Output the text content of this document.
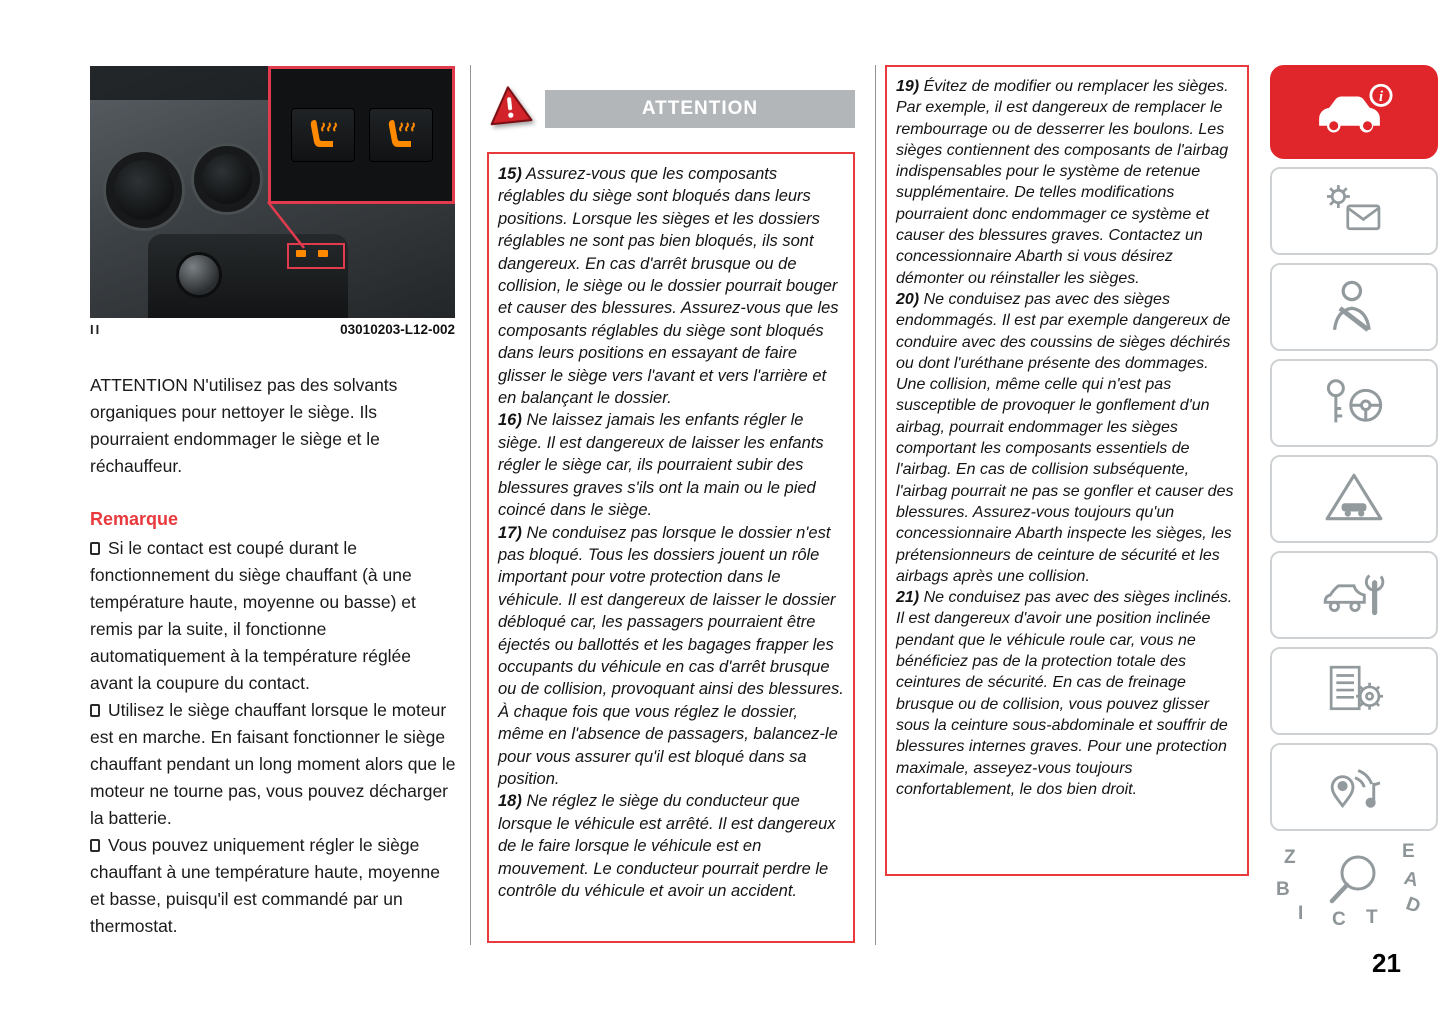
II	03010203-L12-002

ATTENTION N'utilisez pas des solvants organiques pour nettoyer le siège. Ils pourraient endommager le siège et le réchauffeur.

Remarque

Si le contact est coupé durant le fonctionnement du siège chauffant (à une température haute, moyenne ou basse) et remis par la suite, il fonctionne automatiquement à la température réglée avant la coupure du contact.

Utilisez le siège chauffant lorsque le moteur est en marche. En faisant fonctionner le siège chauffant pendant un long moment alors que le moteur ne tourne pas, vous pouvez décharger la batterie.

Vous pouvez uniquement régler le siège chauffant à une température haute, moyenne et basse, puisqu'il est commandé par un thermostat.

ATTENTION

15) Assurez-vous que les composants réglables du siège sont bloqués dans leurs positions. Lorsque les sièges et les dossiers réglables ne sont pas bien bloqués, ils sont dangereux. En cas d'arrêt brusque ou de collision, le siège ou le dossier pourrait bouger et causer des blessures. Assurez-vous que les composants réglables du siège sont bloqués dans leurs positions en essayant de faire glisser le siège vers l'avant et vers l'arrière et en balançant le dossier.

16) Ne laissez jamais les enfants régler le siège. Il est dangereux de laisser les enfants régler le siège car, ils pourraient subir des blessures graves s'ils ont la main ou le pied coincé dans le siège.

17) Ne conduisez pas lorsque le dossier n'est pas bloqué. Tous les dossiers jouent un rôle important pour votre protection dans le véhicule. Il est dangereux de laisser le dossier débloqué car, les passagers pourraient être éjectés ou ballottés et les bagages frapper les occupants du véhicule en cas d'arrêt brusque ou de collision, provoquant ainsi des blessures. À chaque fois que vous réglez le dossier, même en l'absence de passagers, balancez-le pour vous assurer qu'il est bloqué dans sa position.

18) Ne réglez le siège du conducteur que lorsque le véhicule est arrêté. Il est dangereux de le faire lorsque le véhicule est en mouvement. Le conducteur pourrait perdre le contrôle du véhicule et avoir un accident.

19) Évitez de modifier ou remplacer les sièges. Par exemple, il est dangereux de remplacer le rembourrage ou de desserrer les boulons. Les sièges contiennent des composants de l'airbag indispensables pour le système de retenue supplémentaire. De telles modifications pourraient donc endommager ce système et causer des blessures graves. Contactez un concessionnaire Abarth si vous désirez démonter ou réinstaller les sièges.

20) Ne conduisez pas avec des sièges endommagés. Il est par exemple dangereux de conduire avec des coussins de sièges déchirés ou dont l'uréthane présente des dommages. Une collision, même celle qui n'est pas susceptible de provoquer le gonflement d'un airbag, pourrait endommager les sièges comportant les composants essentiels de l'airbag. En cas de collision subséquente, l'airbag pourrait ne pas se gonfler et causer des blessures. Assurez-vous toujours qu'un concessionnaire Abarth inspecte les sièges, les prétensionneurs de ceinture de sécurité et les airbags après une collision.

21) Ne conduisez pas avec des sièges inclinés. Il est dangereux d'avoir une position inclinée pendant que le véhicule roule car, vous ne bénéficiez pas de la protection totale des ceintures de sécurité. En cas de freinage brusque ou de collision, vous pouvez glisser sous la ceinture sous-abdominale et souffrir de blessures internes graves. Pour une protection maximale, asseyez-vous toujours confortablement, le dos bien droit.

i
Z	E
B	A
D
I C T
21
